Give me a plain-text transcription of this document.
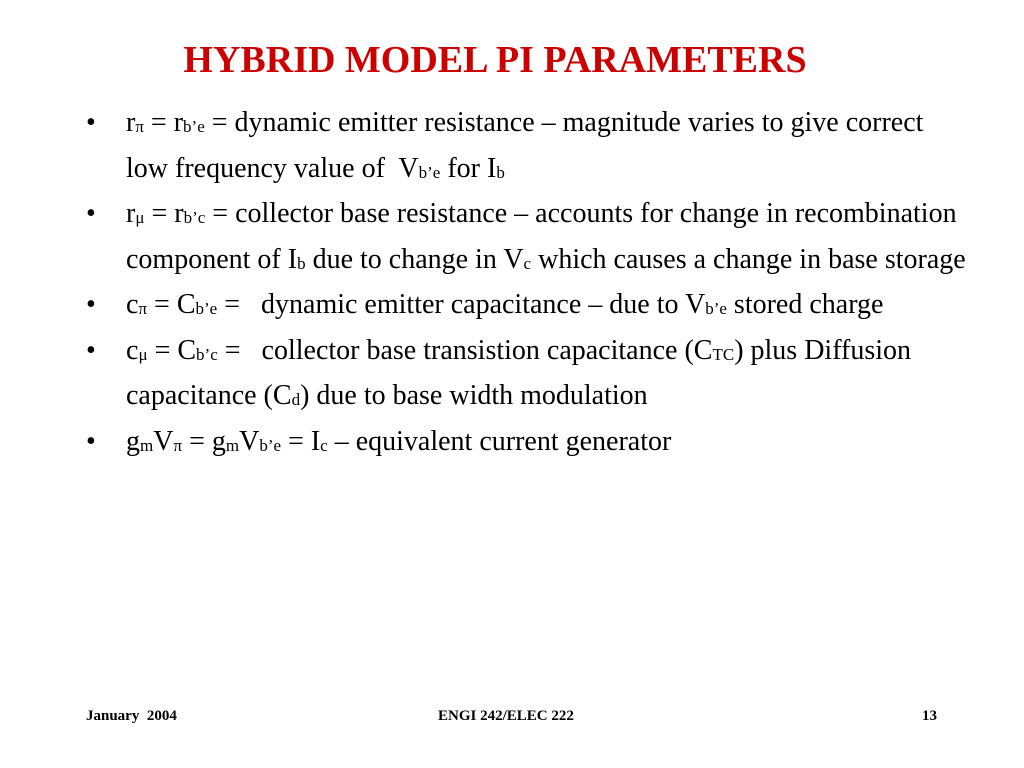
HYBRID MODEL PI PARAMETERS
•	rπ = rb’e = dynamic emitter resistance – magnitude varies to give correct low frequency value of  Vb’e for Ib
•	rμ = rb’c = collector base resistance – accounts for change in recombination component of Ib due to change in Vc which causes a change in base storage
•	cπ = Cb’e =   dynamic emitter capacitance – due to Vb’e stored charge
•	cμ = Cb’c =   collector base transistion capacitance (CTC) plus Diffusion capacitance (Cd) due to base width modulation
•	gmVπ = gmVb’e = Ic – equivalent current generator
January  2004	ENGI 242/ELEC 222	13
